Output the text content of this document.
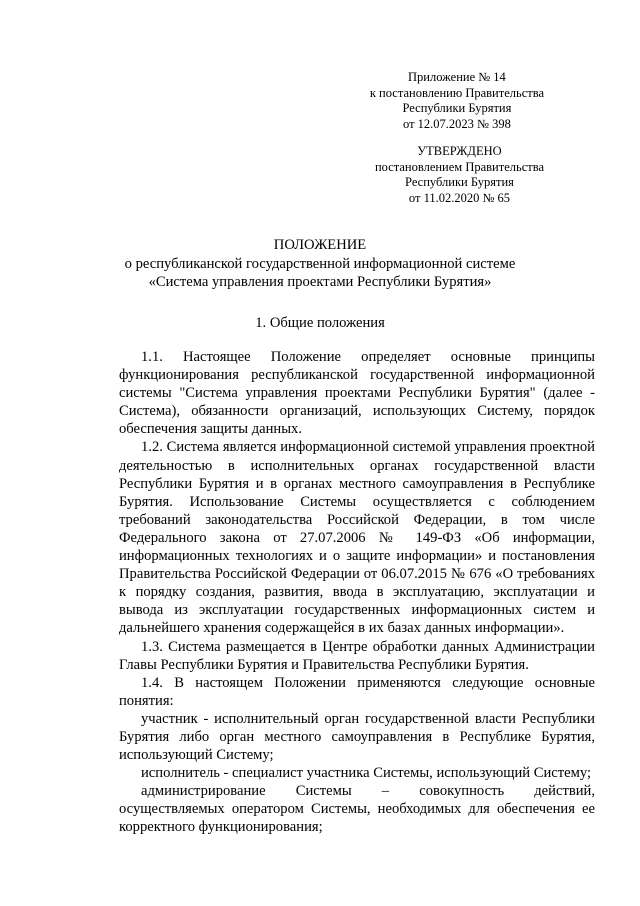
Приложение № 14
к постановлению Правительства
Республики Бурятия
от 12.07.2023 № 398
УТВЕРЖДЕНО
постановлением Правительства
Республики Бурятия
от 11.02.2020 № 65
ПОЛОЖЕНИЕ
о республиканской государственной информационной системе
«Система управления проектами Республики Бурятия»
1. Общие положения

1.1. Настоящее Положение определяет основные принципы функционирования республиканской государственной информационной системы "Система управления проектами Республики Бурятия" (далее - Система), обязанности организаций, использующих Систему, порядок обеспечения защиты данных.

1.2. Система является информационной системой управления проектной деятельностью в исполнительных органах государственной власти Республики Бурятия и в органах местного самоуправления в Республике Бурятия. Использование Системы осуществляется с соблюдением требований законодательства Российской Федерации, в том числе Федерального закона от 27.07.2006 № 149-ФЗ «Об информации, информационных технологиях и о защите информации» и постановления Правительства Российской Федерации от 06.07.2015 № 676 «О требованиях к порядку создания, развития, ввода в эксплуатацию, эксплуатации и вывода из эксплуатации государственных информационных систем и дальнейшего хранения содержащейся в их базах данных информации».

1.3. Система размещается в Центре обработки данных Администрации Главы Республики Бурятия и Правительства Республики Бурятия.

1.4. В настоящем Положении применяются следующие основные понятия:

участник - исполнительный орган государственной власти Республики Бурятия либо орган местного самоуправления в Республике Бурятия, использующий Систему;

исполнитель - специалист участника Системы, использующий Систему;

администрирование Системы – совокупность действий, осуществляемых оператором Системы, необходимых для обеспечения ее корректного функционирования;
